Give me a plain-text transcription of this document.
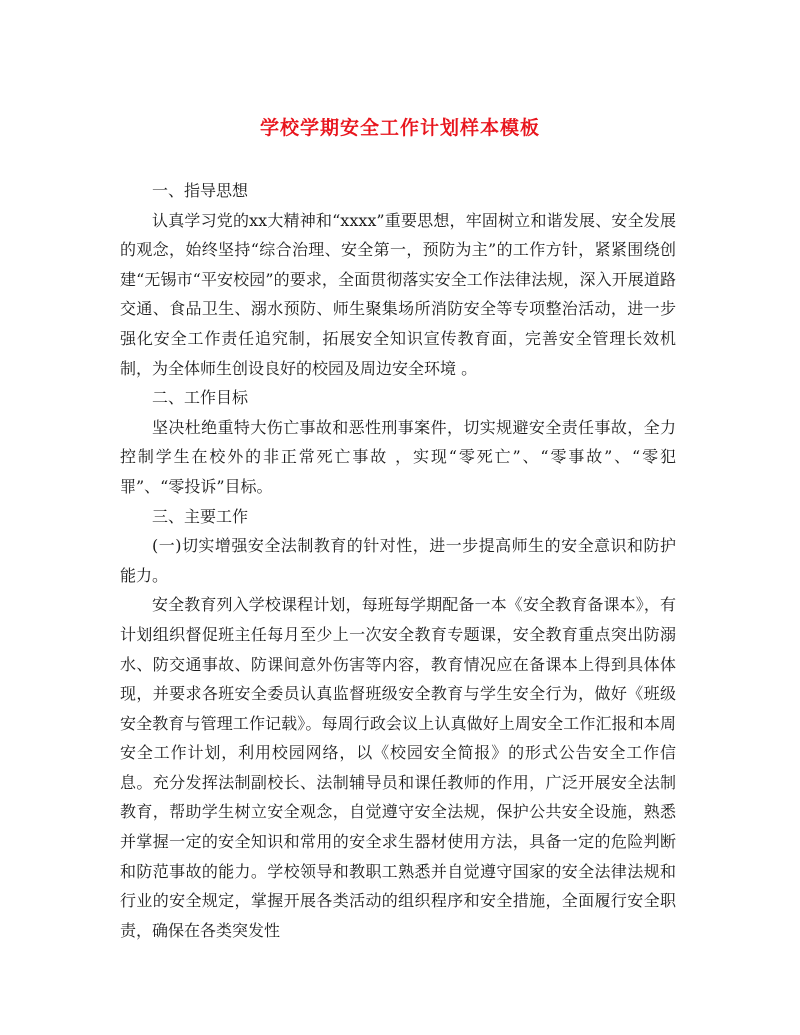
学校学期安全工作计划样本模板

一、指导思想

认真学习党的xx大精神和“xxxx”重要思想，牢固树立和谐发展、安全发展的观念，始终坚持“综合治理、安全第一，预防为主”的工作方针，紧紧围绕创建“无锡市“平安校园”的要求，全面贯彻落实安全工作法律法规，深入开展道路交通、食品卫生、溺水预防、师生聚集场所消防安全等专项整治活动，进一步强化安全工作责任追究制，拓展安全知识宣传教育面，完善安全管理长效机制，为全体师生创设良好的校园及周边安全环境 。

二、工作目标

坚决杜绝重特大伤亡事故和恶性刑事案件，切实规避安全责任事故，全力控制学生在校外的非正常死亡事故 ，实现“零死亡”、“零事故”、“零犯罪”、“零投诉”目标。

三、主要工作

(一)切实增强安全法制教育的针对性，进一步提高师生的安全意识和防护能力。

安全教育列入学校课程计划，每班每学期配备一本《安全教育备课本》，有计划组织督促班主任每月至少上一次安全教育专题课，安全教育重点突出防溺水、防交通事故、防课间意外伤害等内容，教育情况应在备课本上得到具体体现，并要求各班安全委员认真监督班级安全教育与学生安全行为，做好《班级安全教育与管理工作记载》。每周行政会议上认真做好上周安全工作汇报和本周安全工作计划，利用校园网络，以《校园安全简报》的形式公告安全工作信息。充分发挥法制副校长、法制辅导员和课任教师的作用，广泛开展安全法制教育，帮助学生树立安全观念，自觉遵守安全法规，保护公共安全设施，熟悉并掌握一定的安全知识和常用的安全求生器材使用方法，具备一定的危险判断和防范事故的能力。学校领导和教职工熟悉并自觉遵守国家的安全法律法规和行业的安全规定，掌握开展各类活动的组织程序和安全措施，全面履行安全职责，确保在各类突发性
